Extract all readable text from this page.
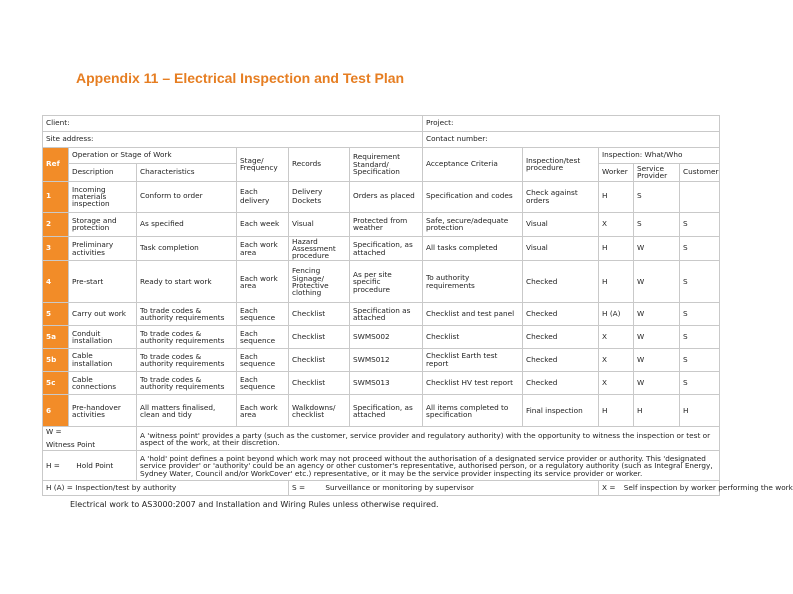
Appendix 11 – Electrical Inspection and Test Plan
Client:						Project:				
Site address:						Contact number:				
Ref	Operation or Stage of Work		Stage/ Frequency	Records	Requirement Standard/ Specification	Acceptance Criteria	Inspection/test procedure	Inspection: What/Who		
	Description	Characteristics						Worker	Service Provider	Customer
1	Incoming materials inspection	Conform to order	Each delivery	Delivery Dockets	Orders as placed	Specification and codes	Check against orders	H	S	
2	Storage and protection	As specified	Each week	Visual	Protected from weather	Safe, secure/adequate protection	Visual	X	S	S
3	Preliminary activities	Task completion	Each work area	Hazard Assessment procedure	Specification, as attached	All tasks completed	Visual	H	W	S
4	Pre-start	Ready to start work	Each work area	Fencing Signage/ Protective clothing	As per site specific procedure	To authority requirements	Checked	H	W	S
5	Carry out work	To trade codes & authority requirements	Each sequence	Checklist	Specification as attached	Checklist and test panel	Checked	H (A)	W	S
5a	Conduit installation	To trade codes & authority requirements	Each sequence	Checklist	SWMS002	Checklist	Checked	X	W	S
5b	Cable installation	To trade codes & authority requirements	Each sequence	Checklist	SWMS012	Checklist Earth test report	Checked	X	W	S
5c	Cable connections	To trade codes & authority requirements	Each sequence	Checklist	SWMS013	Checklist HV test report	Checked	X	W	S
6	Pre-handover activities	All matters finalised, clean and tidy	Each work area	Walkdowns/ checklist	Specification, as attached	All items completed to specification	Final inspection	H	H	H
W =
Witness Point		A 'witness point' provides a party (such as the customer, service provider and regulatory authority) with the opportunity to witness the inspection or test or aspect of the work, at their discretion.								
H = Hold Point		A 'hold' point defines a point beyond which work may not proceed without the authorisation of a designated service provider or authority. This 'designated service provider' or 'authority' could be an agency or other customer's representative, authorised person, or a regulatory authority (such as Integral Energy, Sydney Water, Council and/or WorkCover' etc.) representative, or it may be the service provider inspecting its service provider or worker.								
H (A) = Inspection/test by authority				S = Surveillance or monitoring by supervisor				X = Self inspection by worker performing the work		
Electrical work to AS3000:2007 and Installation and Wiring Rules unless otherwise required.
